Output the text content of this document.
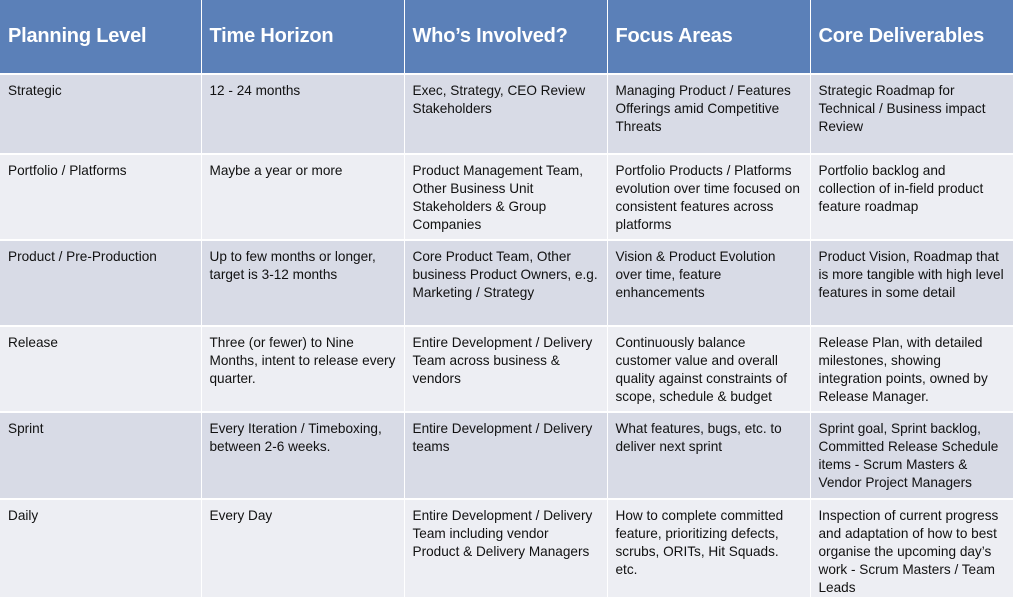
Planning Level	Time Horizon	Who’s Involved?	Focus Areas	Core Deliverables
Strategic	12 - 24 months	Exec, Strategy, CEO Review Stakeholders	Managing Product / Features Offerings amid Competitive Threats	Strategic Roadmap for Technical / Business impact Review
Portfolio / Platforms	Maybe a year or more	Product Management Team, Other Business Unit Stakeholders & Group Companies	Portfolio Products / Platforms evolution over time focused on consistent features across platforms	Portfolio backlog and collection of in-field product feature roadmap
Product / Pre-Production	Up to few months or longer, target is 3-12 months	Core Product Team, Other business Product Owners, e.g. Marketing / Strategy	Vision & Product Evolution over time, feature enhancements	Product Vision, Roadmap that is more tangible with high level features in some detail
Release	Three (or fewer) to Nine Months, intent to release every quarter.	Entire Development / Delivery Team across business & vendors	Continuously balance customer value and overall quality against constraints of scope, schedule & budget	Release Plan, with detailed milestones, showing integration points, owned by Release Manager.
Sprint	Every Iteration / Timeboxing, between 2-6 weeks.	Entire Development / Delivery teams	What features, bugs, etc. to deliver next sprint	Sprint goal, Sprint backlog, Committed Release Schedule items - Scrum Masters & Vendor Project Managers
Daily	Every Day	Entire Development / Delivery Team including vendor Product & Delivery Managers	How to complete committed feature, prioritizing defects, scrubs, ORITs, Hit Squads. etc.	Inspection of current progress and adaptation of how to best organise the upcoming day’s work - Scrum Masters / Team Leads
